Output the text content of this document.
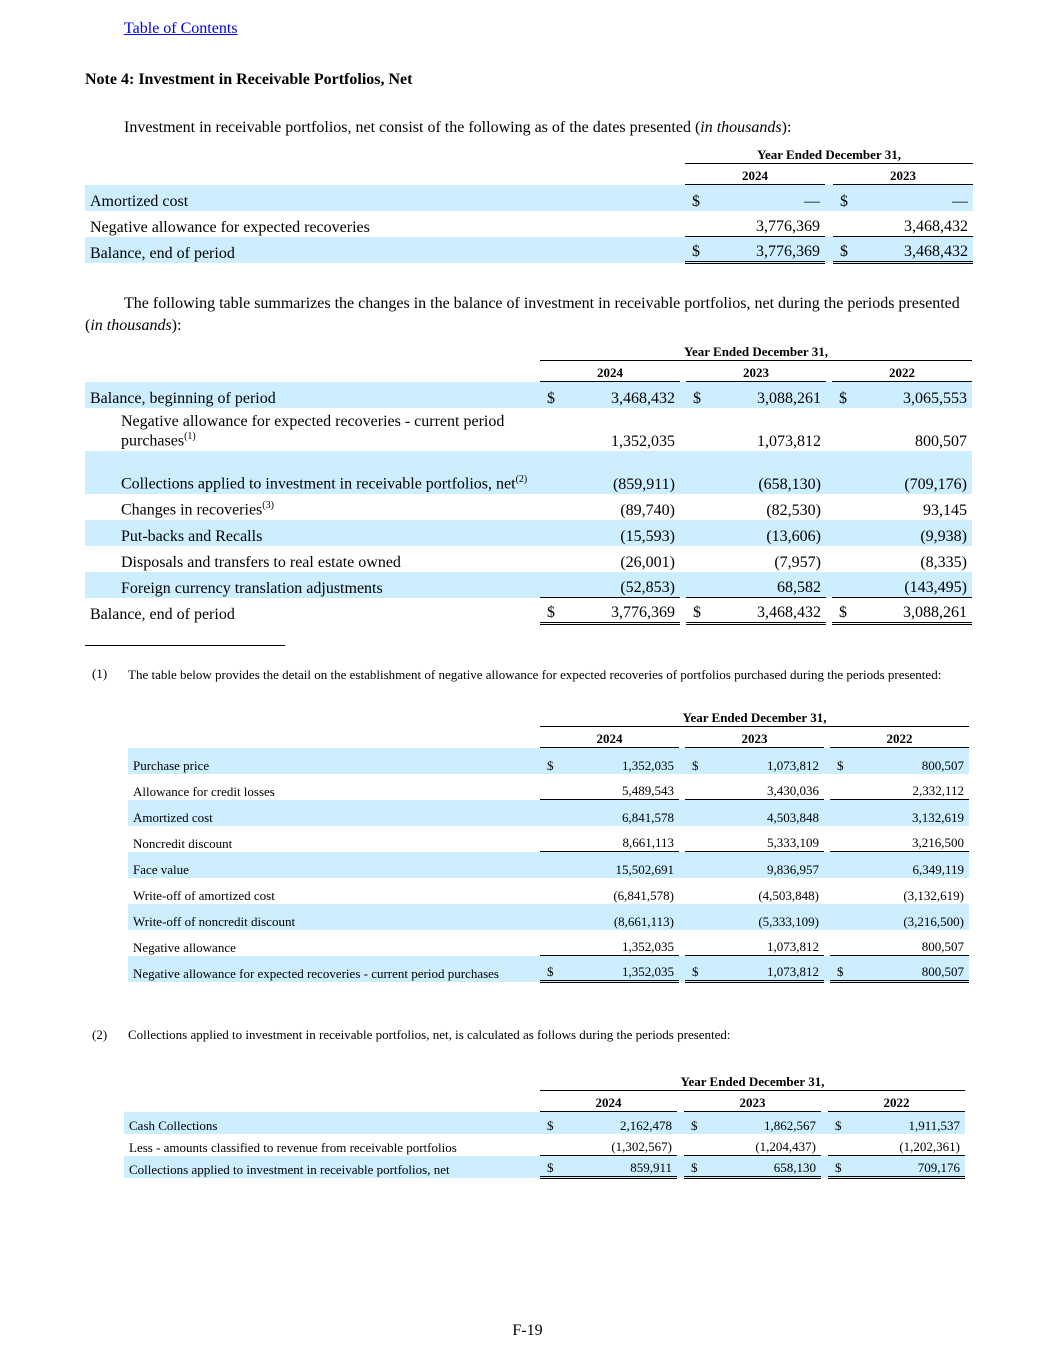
Table of Contents
Note 4: Investment in Receivable Portfolios, Net
Investment in receivable portfolios, net consist of the following as of the dates presented (in thousands):
	Year Ended December 31,				
	2024			2023	
Amortized cost	$	—		$	—
Negative allowance for expected recoveries		3,776,369			3,468,432
Balance, end of period	$	3,776,369		$	3,468,432
The following table summarizes the changes in the balance of investment in receivable portfolios, net during the periods presented (in thousands):
	Year Ended December 31,							
	2024			2023			2022	
Balance, beginning of period	$	3,468,432		$	3,088,261		$	3,065,553
Negative allowance for expected recoveries - current period purchases$^{(1)}$		1,352,035			1,073,812			800,507
Collections applied to investment in receivable portfolios, net$^{(2)}$		(859,911)			(658,130)			(709,176)
Changes in recoveries$^{(3)}$		(89,740)			(82,530)			93,145
Put-backs and Recalls		(15,593)			(13,606)			(9,938)
Disposals and transfers to real estate owned		(26,001)			(7,957)			(8,335)
Foreign currency translation adjustments		(52,853)			68,582			(143,495)
Balance, end of period	$	3,776,369		$	3,468,432		$	3,088,261
(1) The table below provides the detail on the establishment of negative allowance for expected recoveries of portfolios purchased during the periods presented:
	Year Ended December 31,							
	2024			2023			2022	
Purchase price	$	1,352,035		$	1,073,812		$	800,507
Allowance for credit losses		5,489,543			3,430,036			2,332,112
Amortized cost		6,841,578			4,503,848			3,132,619
Noncredit discount		8,661,113			5,333,109			3,216,500
Face value		15,502,691			9,836,957			6,349,119
Write-off of amortized cost		(6,841,578)			(4,503,848)			(3,132,619)
Write-off of noncredit discount		(8,661,113)			(5,333,109)			(3,216,500)
Negative allowance		1,352,035			1,073,812			800,507
Negative allowance for expected recoveries - current period purchases	$	1,352,035		$	1,073,812		$	800,507
(2) Collections applied to investment in receivable portfolios, net, is calculated as follows during the periods presented:
	Year Ended December 31,							
	2024			2023			2022	
Cash Collections	$	2,162,478		$	1,862,567		$	1,911,537
Less - amounts classified to revenue from receivable portfolios		(1,302,567)			(1,204,437)			(1,202,361)
Collections applied to investment in receivable portfolios, net	$	859,911		$	658,130		$	709,176
F-19
